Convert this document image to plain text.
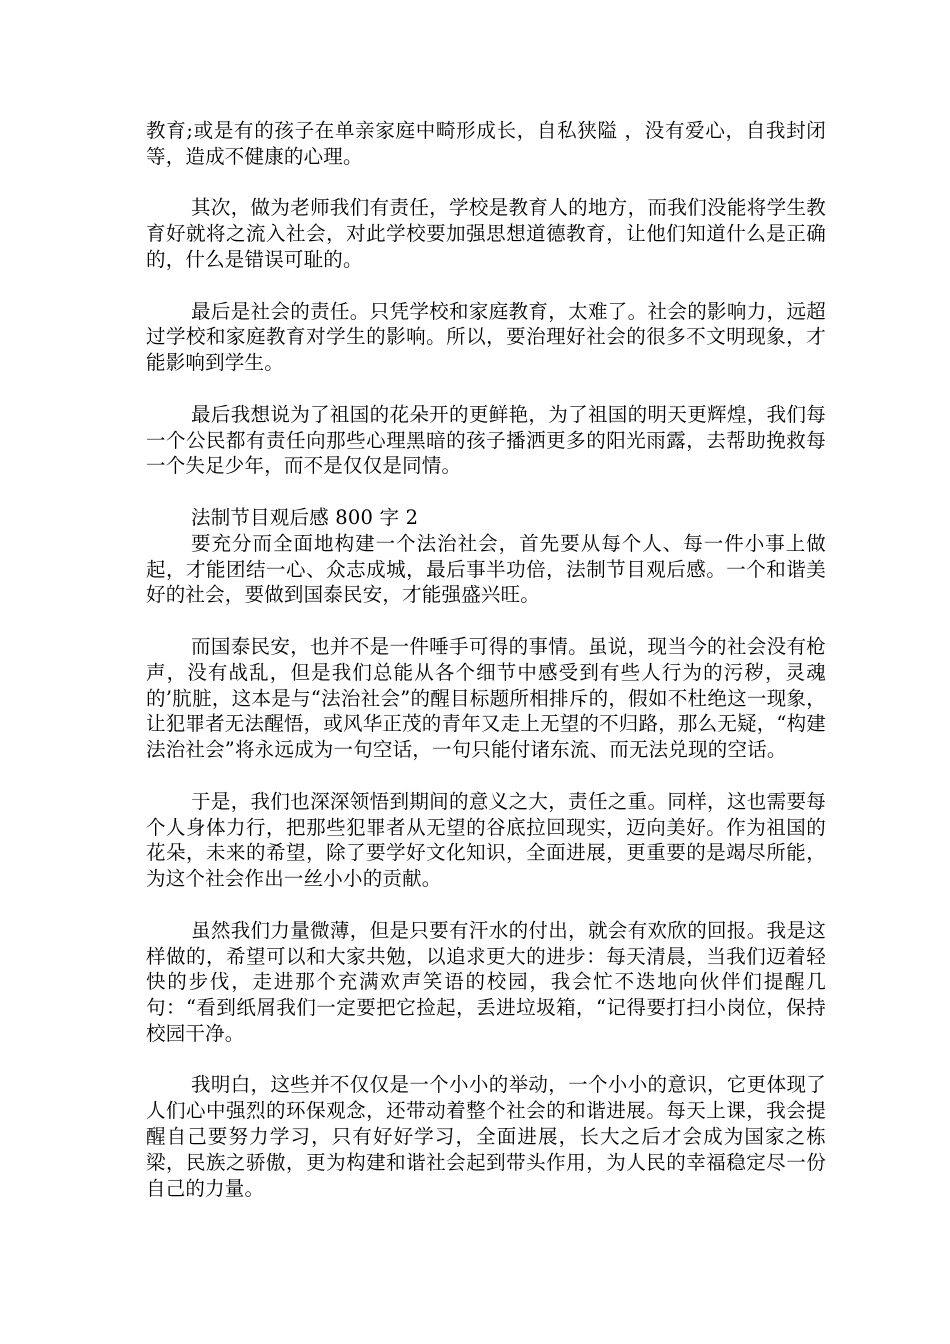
教育;或是有的孩子在单亲家庭中畸形成长，自私狭隘 ，没有爱心，自我封闭等，造成不健康的心理。

其次，做为老师我们有责任，学校是教育人的地方，而我们没能将学生教育好就将之流入社会，对此学校要加强思想道德教育，让他们知道什么是正确的，什么是错误可耻的。

最后是社会的责任。只凭学校和家庭教育，太难了。社会的影响力，远超过学校和家庭教育对学生的影响。所以，要治理好社会的很多不文明现象，才能影响到学生。

最后我想说为了祖国的花朵开的更鲜艳，为了祖国的明天更辉煌，我们每一个公民都有责任向那些心理黑暗的孩子播洒更多的阳光雨露，去帮助挽救每一个失足少年，而不是仅仅是同情。

法制节目观后感 800 字 2

要充分而全面地构建一个法治社会，首先要从每个人、每一件小事上做起，才能团结一心、众志成城，最后事半功倍，法制节目观后感。一个和谐美好的社会，要做到国泰民安，才能强盛兴旺。

而国泰民安，也并不是一件唾手可得的事情。虽说，现当今的社会没有枪声，没有战乱，但是我们总能从各个细节中感受到有些人行为的污秽，灵魂的’肮脏，这本是与“法治社会”的醒目标题所相排斥的，假如不杜绝这一现象，让犯罪者无法醒悟，或风华正茂的青年又走上无望的不归路，那么无疑，“构建法治社会”将永远成为一句空话，一句只能付诸东流、而无法兑现的空话。

于是，我们也深深领悟到期间的意义之大，责任之重。同样，这也需要每个人身体力行，把那些犯罪者从无望的谷底拉回现实，迈向美好。作为祖国的花朵，未来的希望，除了要学好文化知识，全面进展，更重要的是竭尽所能，为这个社会作出一丝小小的贡献。

虽然我们力量微薄，但是只要有汗水的付出，就会有欢欣的回报。我是这样做的，希望可以和大家共勉，以追求更大的进步：每天清晨，当我们迈着轻快的步伐，走进那个充满欢声笑语的校园，我会忙不迭地向伙伴们提醒几句：“看到纸屑我们一定要把它捡起，丢进垃圾箱，“记得要打扫小岗位，保持校园干净。

我明白，这些并不仅仅是一个小小的举动，一个小小的意识，它更体现了人们心中强烈的环保观念，还带动着整个社会的和谐进展。每天上课，我会提醒自己要努力学习，只有好好学习，全面进展，长大之后才会成为国家之栋梁，民族之骄傲，更为构建和谐社会起到带头作用，为人民的幸福稳定尽一份自己的力量。
